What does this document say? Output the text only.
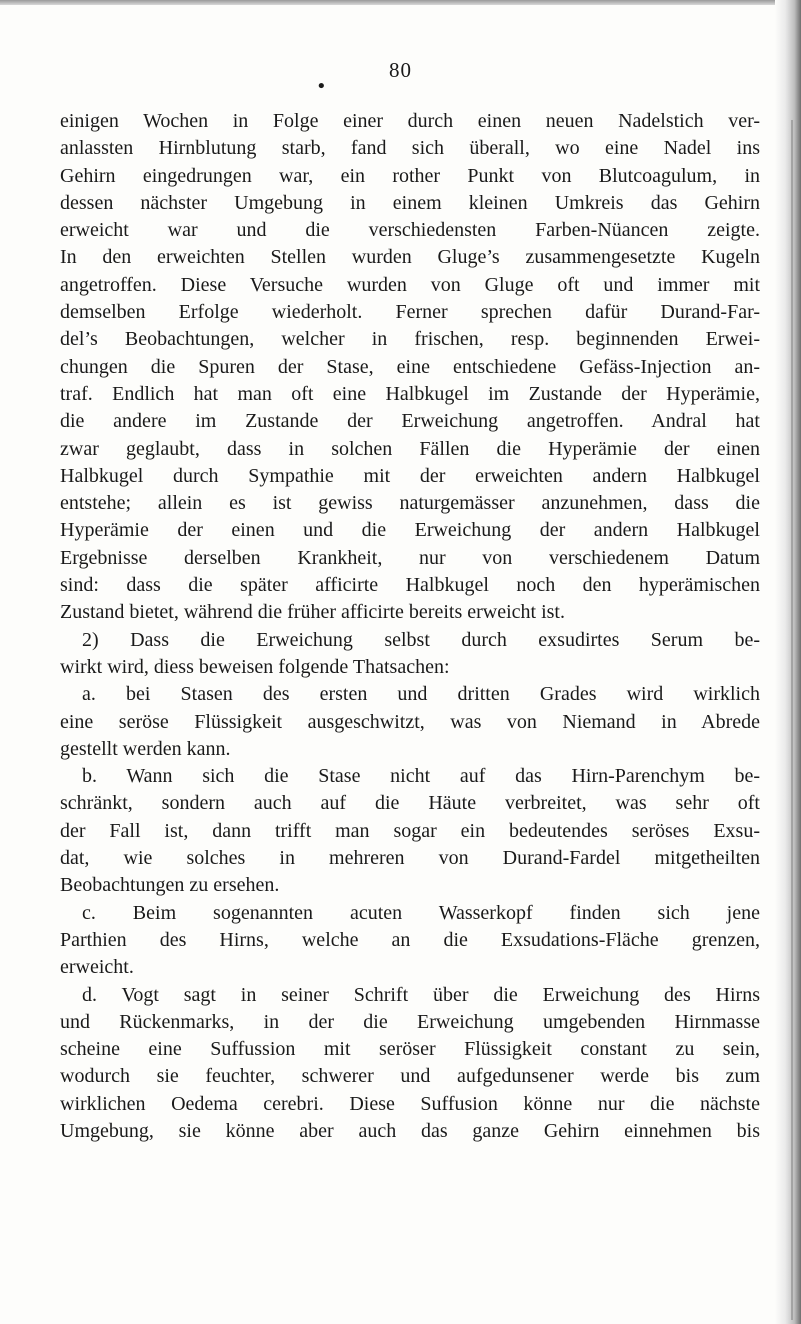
•
80
einigen Wochen in Folge einer durch einen neuen Nadelstich ver-
anlassten Hirnblutung starb, fand sich überall, wo eine Nadel ins
Gehirn eingedrungen war, ein rother Punkt von Blutcoagulum, in
dessen nächster Umgebung in einem kleinen Umkreis das Gehirn
erweicht war und die verschiedensten Farben-Nüancen zeigte.
In den erweichten Stellen wurden Gluge’s zusammengesetzte Kugeln
angetroffen. Diese Versuche wurden von Gluge oft und immer mit
demselben Erfolge wiederholt. Ferner sprechen dafür Durand-Far-
del’s Beobachtungen, welcher in frischen, resp. beginnenden Erwei-
chungen die Spuren der Stase, eine entschiedene Gefäss-Injection an-
traf. Endlich hat man oft eine Halbkugel im Zustande der Hyperämie,
die andere im Zustande der Erweichung angetroffen. Andral hat
zwar geglaubt, dass in solchen Fällen die Hyperämie der einen
Halbkugel durch Sympathie mit der erweichten andern Halbkugel
entstehe; allein es ist gewiss naturgemässer anzunehmen, dass die
Hyperämie der einen und die Erweichung der andern Halbkugel
Ergebnisse derselben Krankheit, nur von verschiedenem Datum
sind: dass die später afficirte Halbkugel noch den hyperämischen
Zustand bietet, während die früher afficirte bereits erweicht ist.
2) Dass die Erweichung selbst durch exsudirtes Serum be-
wirkt wird, diess beweisen folgende Thatsachen:
a. bei Stasen des ersten und dritten Grades wird wirklich
eine seröse Flüssigkeit ausgeschwitzt, was von Niemand in Abrede
gestellt werden kann.
b. Wann sich die Stase nicht auf das Hirn-Parenchym be-
schränkt, sondern auch auf die Häute verbreitet, was sehr oft
der Fall ist, dann trifft man sogar ein bedeutendes seröses Exsu-
dat, wie solches in mehreren von Durand-Fardel mitgetheilten
Beobachtungen zu ersehen.
c. Beim sogenannten acuten Wasserkopf finden sich jene
Parthien des Hirns, welche an die Exsudations-Fläche grenzen,
erweicht.
d. Vogt sagt in seiner Schrift über die Erweichung des Hirns
und Rückenmarks, in der die Erweichung umgebenden Hirnmasse
scheine eine Suffussion mit seröser Flüssigkeit constant zu sein,
wodurch sie feuchter, schwerer und aufgedunsener werde bis zum
wirklichen Oedema cerebri. Diese Suffusion könne nur die nächste
Umgebung, sie könne aber auch das ganze Gehirn einnehmen bis
